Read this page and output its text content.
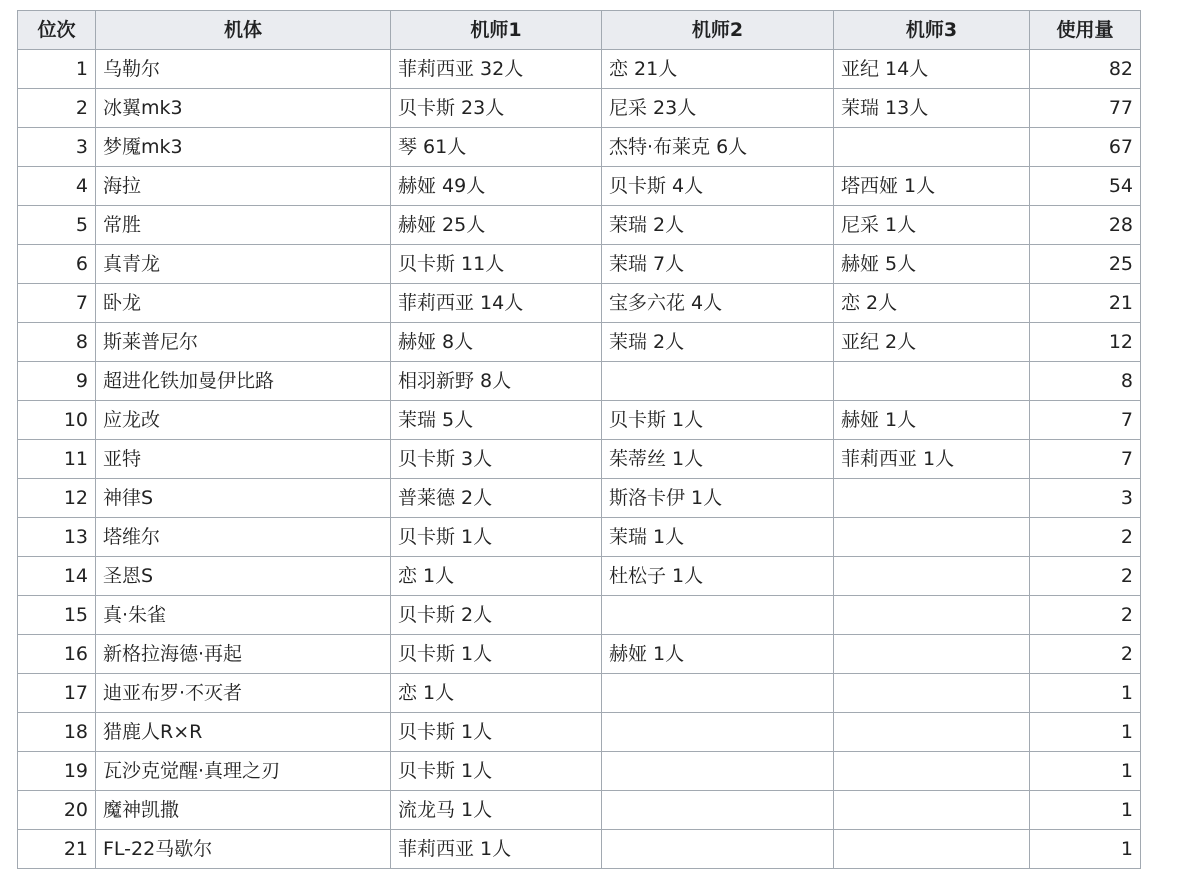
位次	机体	机师1	机师2	机师3	使用量
1	乌勒尔	菲莉西亚 32人	恋 21人	亚纪 14人	82
2	冰翼mk3	贝卡斯 23人	尼采 23人	茉瑞 13人	77
3	梦魇mk3	琴 61人	杰特·布莱克 6人		67
4	海拉	赫娅 49人	贝卡斯 4人	塔西娅 1人	54
5	常胜	赫娅 25人	茉瑞 2人	尼采 1人	28
6	真青龙	贝卡斯 11人	茉瑞 7人	赫娅 5人	25
7	卧龙	菲莉西亚 14人	宝多六花 4人	恋 2人	21
8	斯莱普尼尔	赫娅 8人	茉瑞 2人	亚纪 2人	12
9	超进化铁加曼伊比路	相羽新野 8人			8
10	应龙改	茉瑞 5人	贝卡斯 1人	赫娅 1人	7
11	亚特	贝卡斯 3人	茱蒂丝 1人	菲莉西亚 1人	7
12	神律S	普莱德 2人	斯洛卡伊 1人		3
13	塔维尔	贝卡斯 1人	茉瑞 1人		2
14	圣恩S	恋 1人	杜松子 1人		2
15	真·朱雀	贝卡斯 2人			2
16	新格拉海德·再起	贝卡斯 1人	赫娅 1人		2
17	迪亚布罗·不灭者	恋 1人			1
18	猎鹿人R×R	贝卡斯 1人			1
19	瓦沙克觉醒·真理之刃	贝卡斯 1人			1
20	魔神凯撒	流龙马 1人			1
21	FL-22马歇尔	菲莉西亚 1人			1
